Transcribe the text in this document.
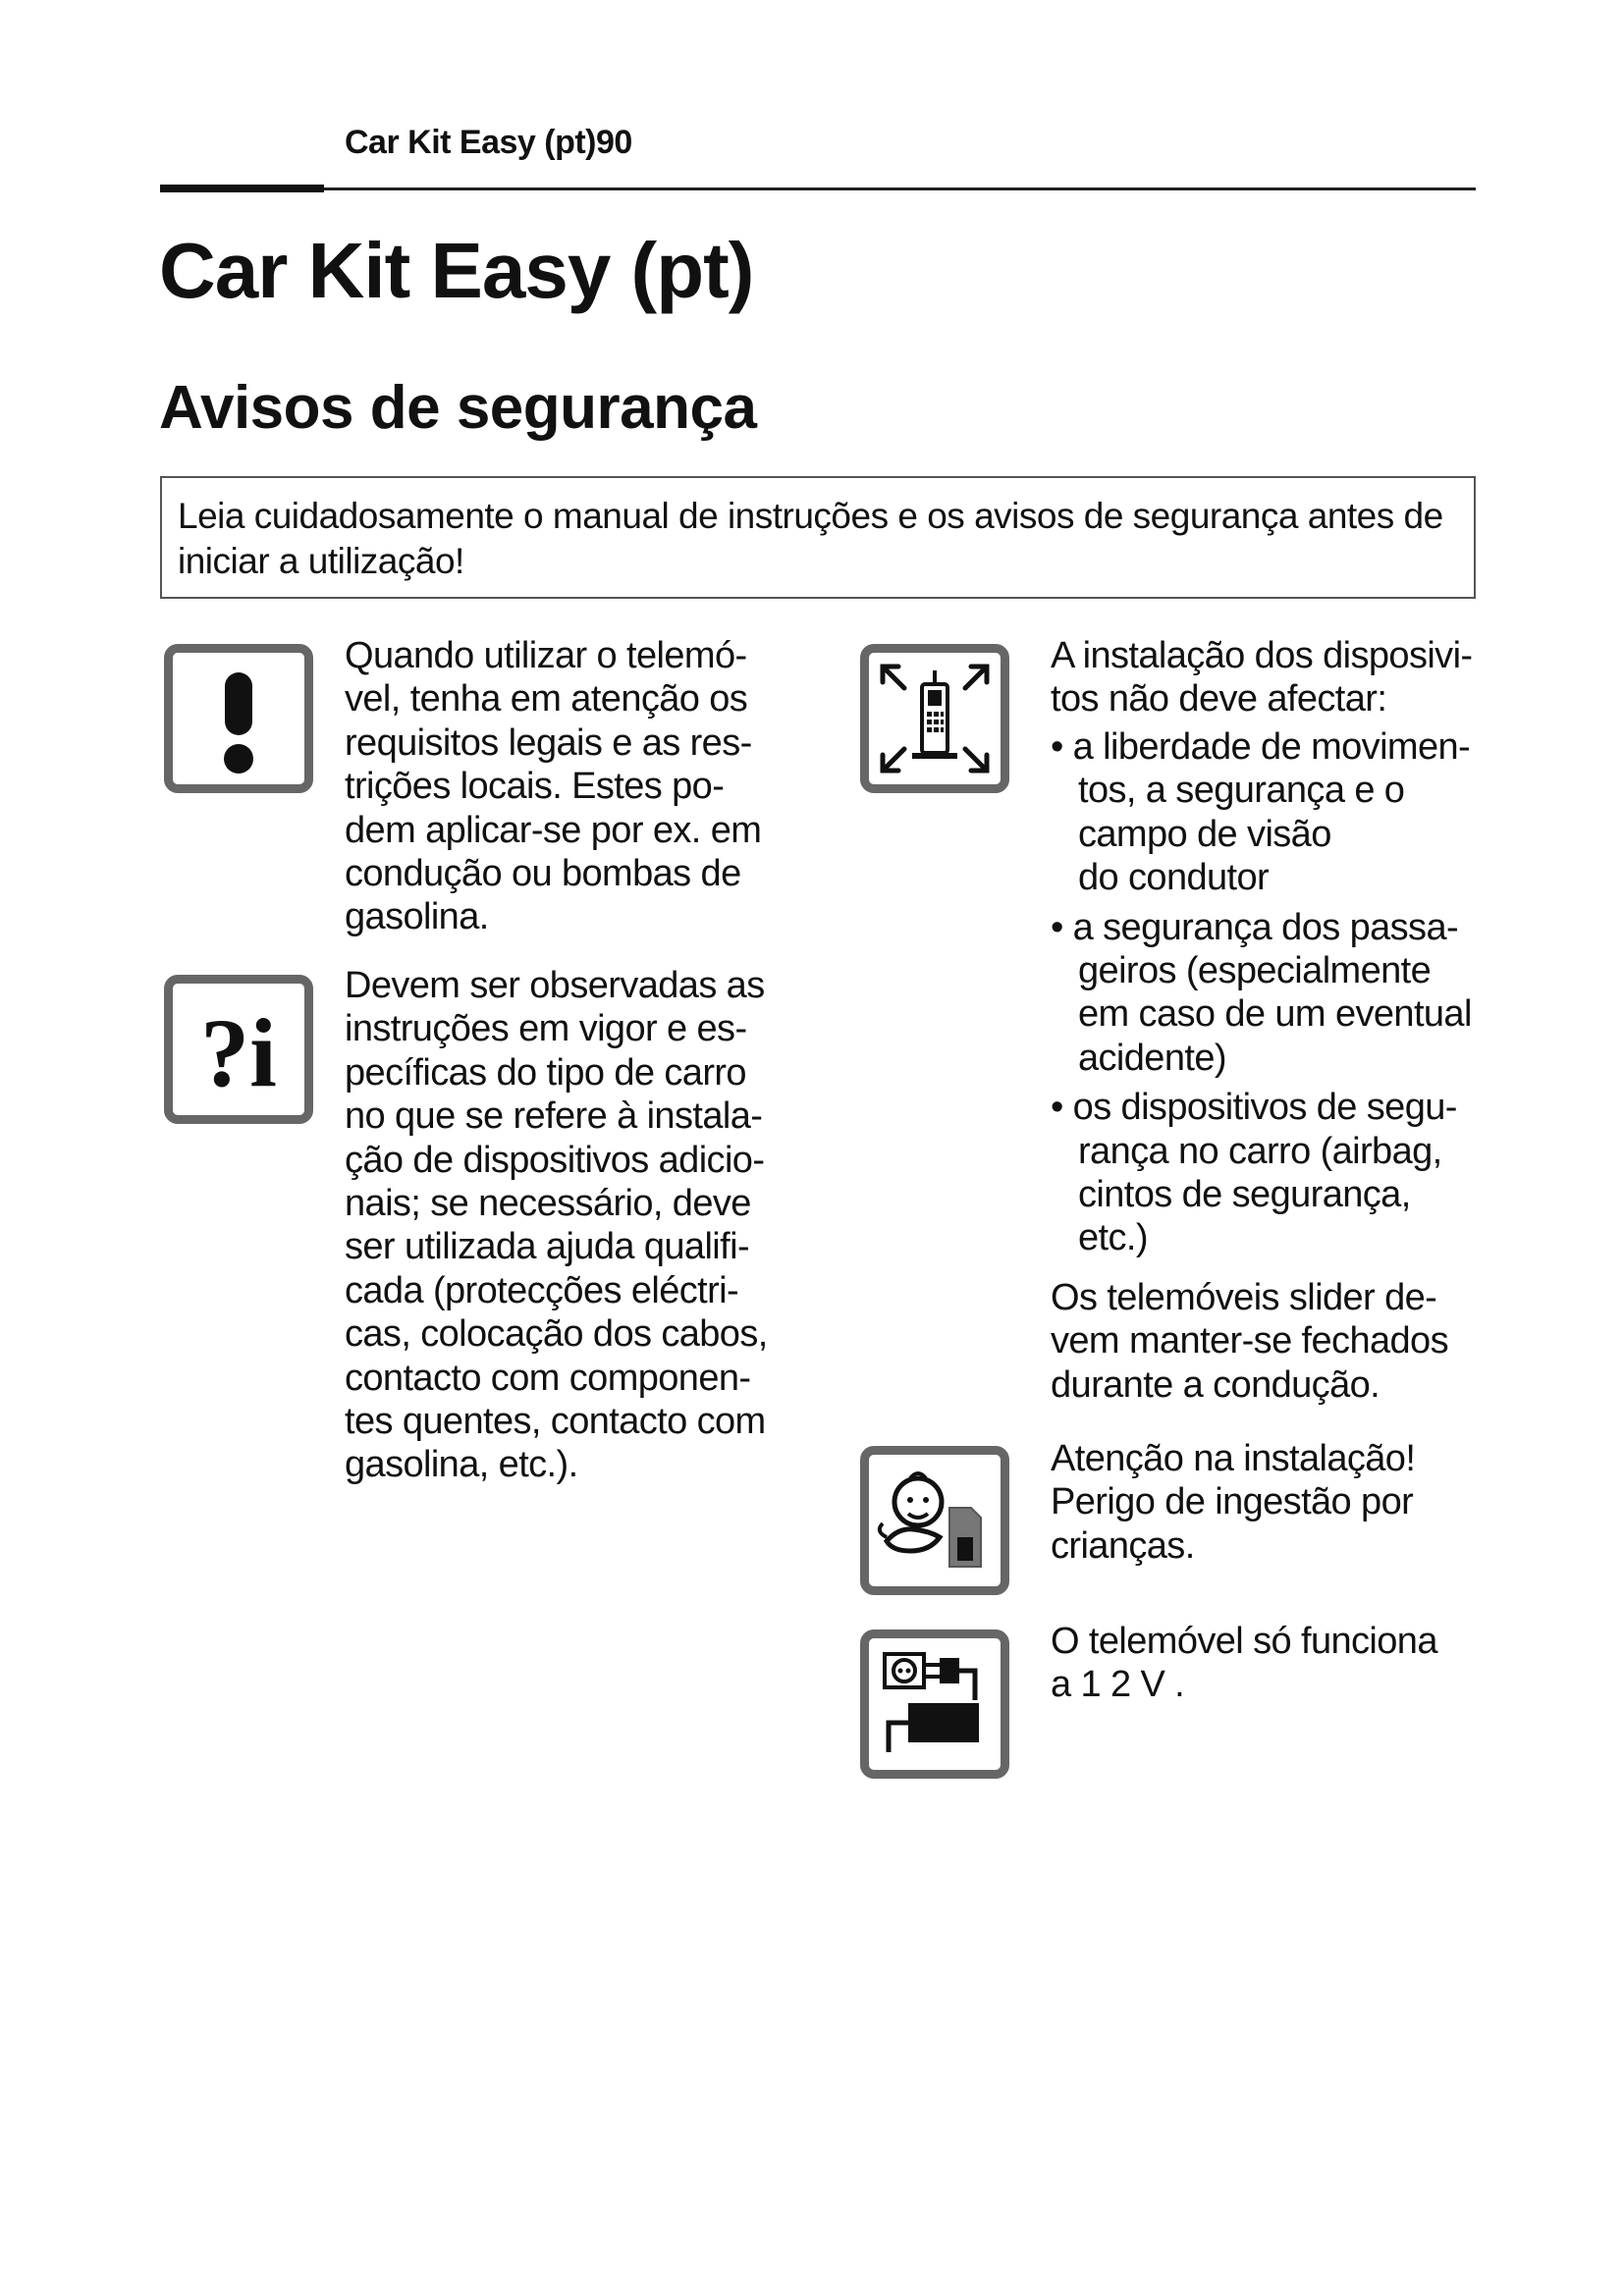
Car Kit Easy (pt)90
Car Kit Easy (pt)
Avisos de segurança
Leia cuidadosamente o manual de instruções e os avisos de segurança antes de
iniciar a utilização!
Quando utilizar o telemó-
vel, tenha em atenção os
requisitos legais e as res-
trições locais. Estes po-
dem aplicar-se por ex. em
condução ou bombas de
gasolina.
?i
Devem ser observadas as
instruções em vigor e es-
pecíficas do tipo de carro
no que se refere à instala-
ção de dispositivos adicio-
nais; se necessário, deve
ser utilizada ajuda qualifi-
cada (protecções eléctri-
cas, colocação dos cabos,
contacto com componen-
tes quentes, contacto com
gasolina, etc.).
A instalação dos disposivi-
tos não deve afectar:
• a liberdade de movimen-
tos, a segurança e o
campo de visão
do condutor
• a segurança dos passa-
geiros (especialmente
em caso de um eventual
acidente)
• os dispositivos de segu-
rança no carro (airbag,
cintos de segurança,
etc.)
Os telemóveis slider de-
vem manter-se fechados
durante a condução.
Atenção na instalação!
Perigo de ingestão por
crianças.
O telemóvel só funciona
a 1 2 V .
